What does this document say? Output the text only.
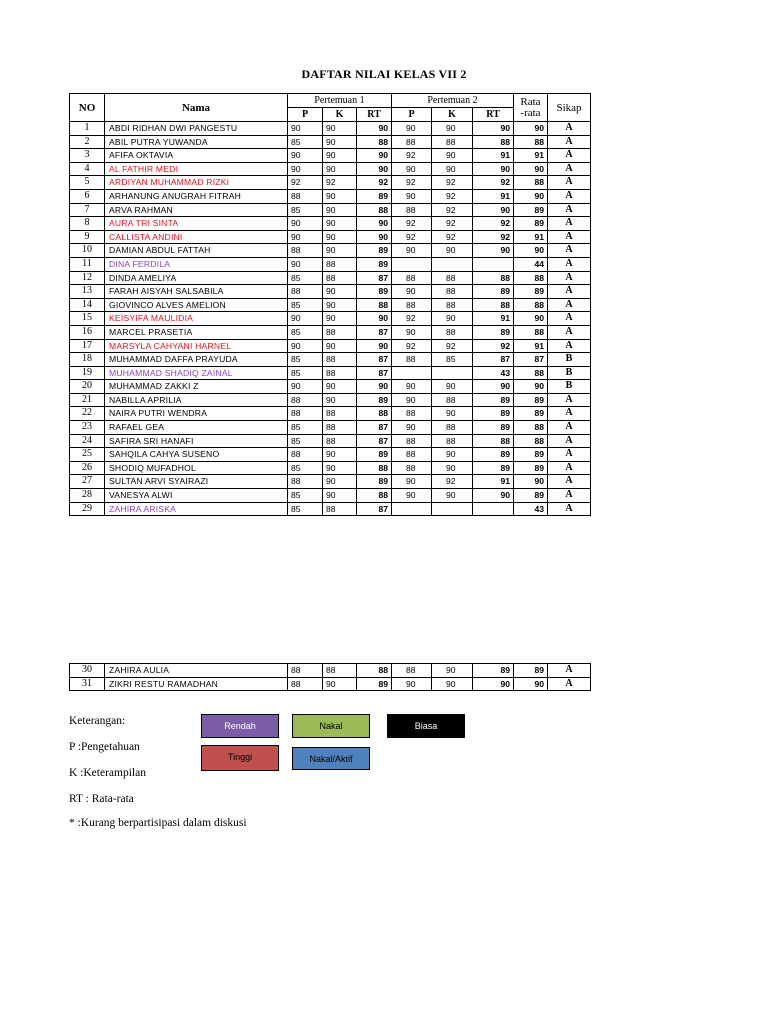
DAFTAR NILAI KELAS VII 2
NO	Nama	Pertemuan 1			Pertemuan 2			Rata
-rata	Sikap
		P	K	RT	P	K	RT		
1	ABDI RIDHAN DWI PANGESTU	90	90	90	90	90	90	90	A
2	ABIL PUTRA YUWANDA	85	90	88	88	88	88	88	A
3	AFIFA OKTAVIA	90	90	90	92	90	91	91	A
4	AL FATHIR MEDI	90	90	90	90	90	90	90	A
5	ARDIYAN MUHAMMAD RIZKI	92	92	92	92	92	92	88	A
6	ARHANUNG ANUGRAH FITRAH	88	90	89	90	92	91	90	A
7	ARVA RAHMAN	85	90	88	88	92	90	89	A
8	AURA TRI SINTA	90	90	90	92	92	92	89	A
9	CALLISTA ANDINI	90	90	90	92	92	92	91	A
10	DAMIAN ABDUL FATTAH	88	90	89	90	90	90	90	A
11	DINA FERDILA	90	88	89				44	A
12	DINDA AMELIYA	85	88	87	88	88	88	88	A
13	FARAH AISYAH SALSABILA	88	90	89	90	88	89	89	A
14	GIOVINCO ALVES AMELION	85	90	88	88	88	88	88	A
15	KEISYIFA MAULIDIA	90	90	90	92	90	91	90	A
16	MARCEL PRASETIA	85	88	87	90	88	89	88	A
17	MARSYLA CAHYANI HARNEL	90	90	90	92	92	92	91	A
18	MUHAMMAD DAFFA PRAYUDA	85	88	87	88	85	87	87	B
19	MUHAMMAD SHADIQ ZAINAL	85	88	87			43	88	B
20	MUHAMMAD ZAKKI Z	90	90	90	90	90	90	90	B
21	NABILLA APRILIA	88	90	89	90	88	89	89	A
22	NAIRA PUTRI WENDRA	88	88	88	88	90	89	89	A
23	RAFAEL GEA	85	88	87	90	88	89	88	A
24	SAFIRA SRI HANAFI	85	88	87	88	88	88	88	A
25	SAHQILA CAHYA SUSENO	88	90	89	88	90	89	89	A
26	SHODIQ MUFADHOL	85	90	88	88	90	89	89	A
27	SULTAN ARVI SYAIRAZI	88	90	89	90	92	91	90	A
28	VANESYA ALWI	85	90	88	90	90	90	89	A
29	ZAHIRA ARISKA	85	88	87				43	A
30	ZAHIRA AULIA	88	88	88	88	90	89	89	A
31	ZIKRI RESTU RAMADHAN	88	90	89	90	90	90	90	A
Keterangan:
P :Pengetahuan
K :Keterampilan
RT : Rata-rata
* :Kurang berpartisipasi dalam diskusi
Rendah	Nakal	Biasa
Tinggi	Nakal/Aktif
